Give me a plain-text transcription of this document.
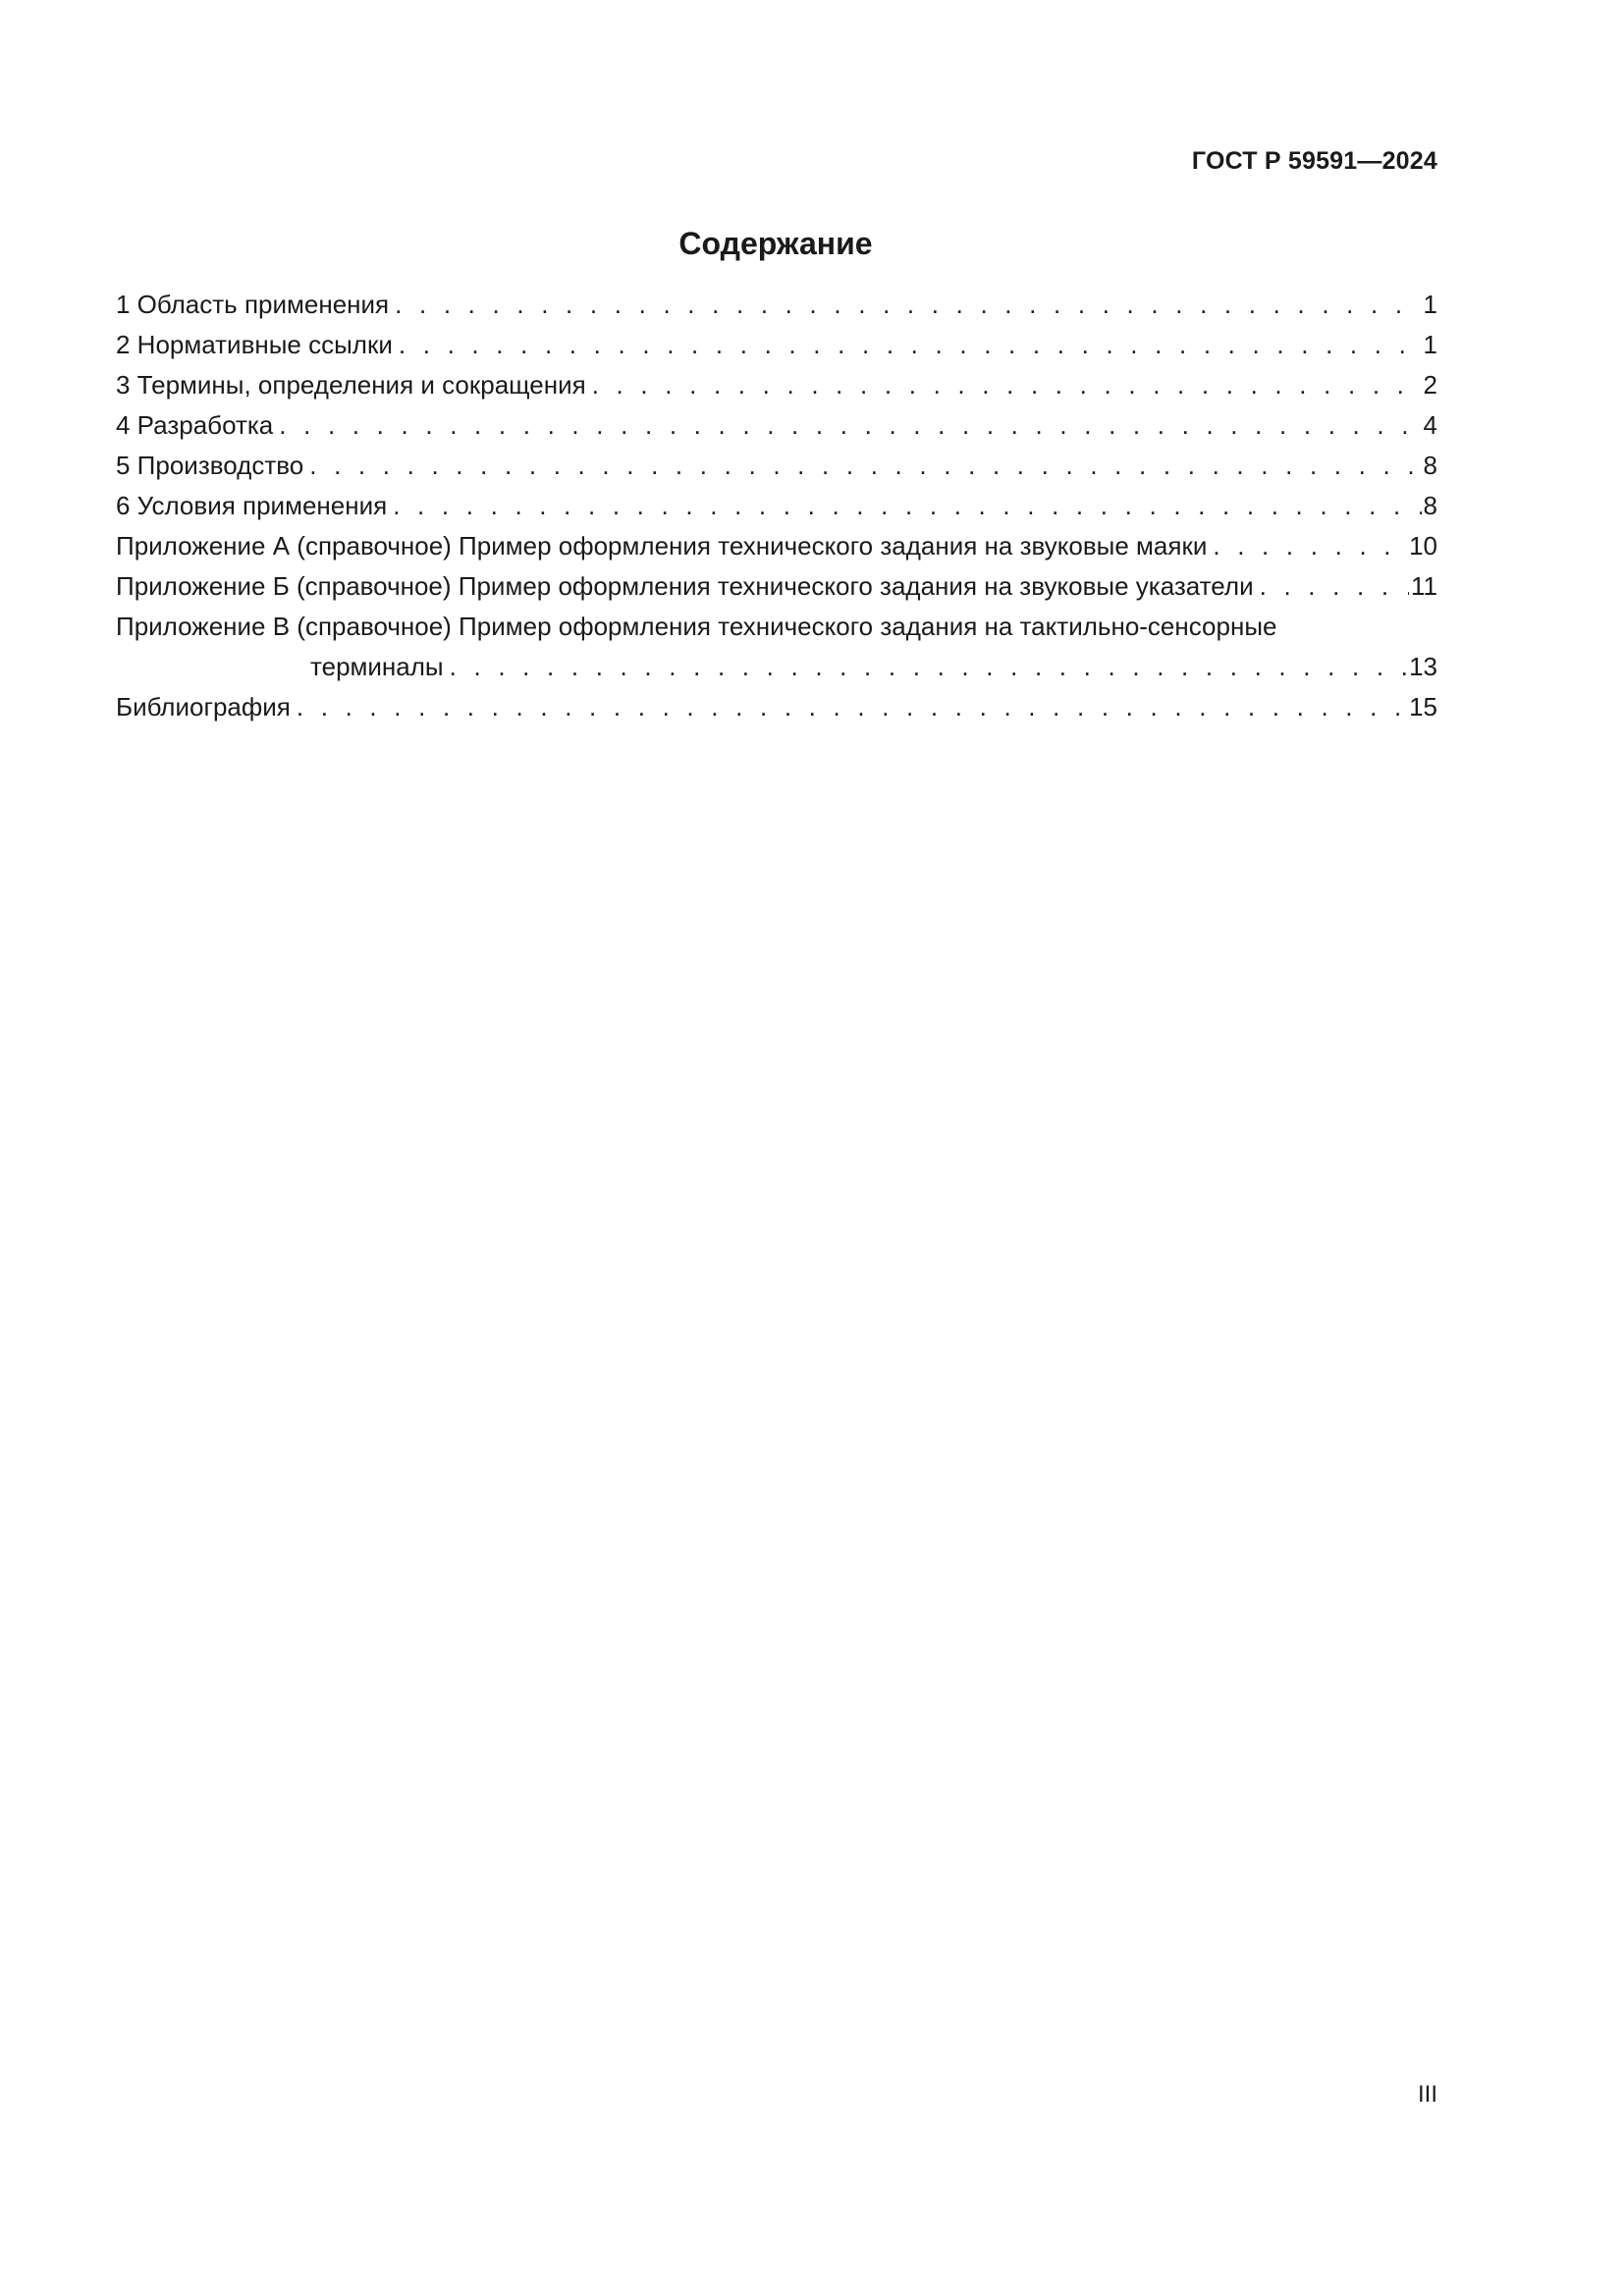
ГОСТ Р 59591—2024
Содержание
1 Область применения . . .	1
2 Нормативные ссылки . . .	1
3 Термины, определения и сокращения . . .	2
4 Разработка . . .	4
5 Производство . . .	8
6 Условия применения . . .	8
Приложение А (справочное) Пример оформления технического задания на звуковые маяки . . .	10
Приложение Б (справочное) Пример оформления технического задания на звуковые указатели . . .	11
Приложение В (справочное) Пример оформления технического задания на тактильно-сенсорные
терминалы . . .	13
Библиография . . .	15
III
